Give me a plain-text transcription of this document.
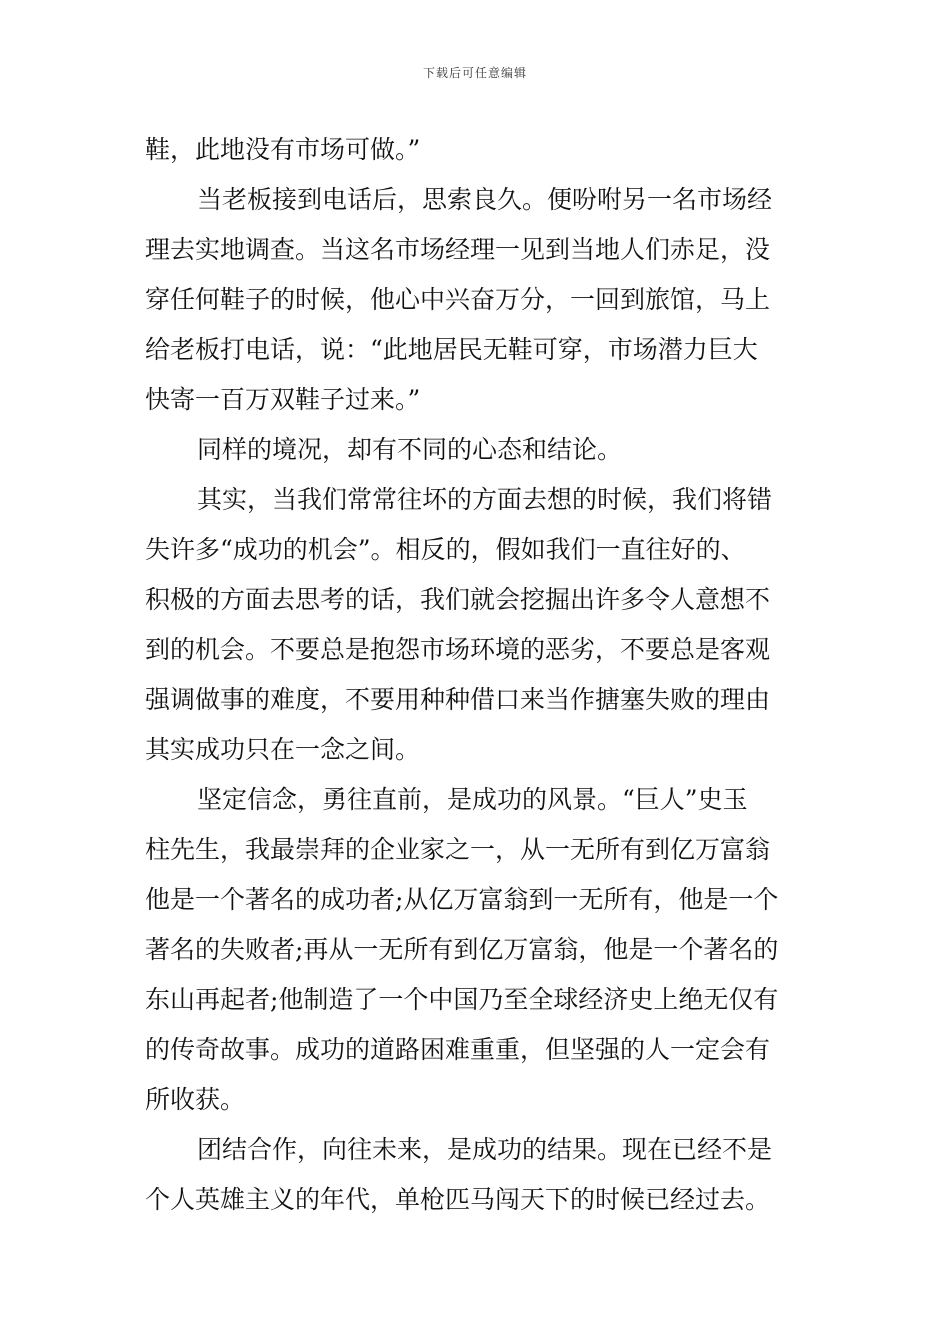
下载后可任意编辑
鞋，此地没有市场可做。”
当老板接到电话后，思索良久。便吩咐另一名市场经
理去实地调查。当这名市场经理一见到当地人们赤足，没
穿任何鞋子的时候，他心中兴奋万分，一回到旅馆，马上
给老板打电话，说：“此地居民无鞋可穿，市场潜力巨大
快寄一百万双鞋子过来。”
同样的境况，却有不同的心态和结论。
其实，当我们常常往坏的方面去想的时候，我们将错
失许多“成功的机会”。相反的，假如我们一直往好的、
积极的方面去思考的话，我们就会挖掘出许多令人意想不
到的机会。不要总是抱怨市场环境的恶劣，不要总是客观
强调做事的难度，不要用种种借口来当作搪塞失败的理由
其实成功只在一念之间。
坚定信念，勇往直前，是成功的风景。“巨人”史玉
柱先生，我最崇拜的企业家之一，从一无所有到亿万富翁
他是一个著名的成功者;从亿万富翁到一无所有，他是一个
著名的失败者;再从一无所有到亿万富翁，他是一个著名的
东山再起者;他制造了一个中国乃至全球经济史上绝无仅有
的传奇故事。成功的道路困难重重，但坚强的人一定会有
所收获。
团结合作，向往未来，是成功的结果。现在已经不是
个人英雄主义的年代，单枪匹马闯天下的时候已经过去。
